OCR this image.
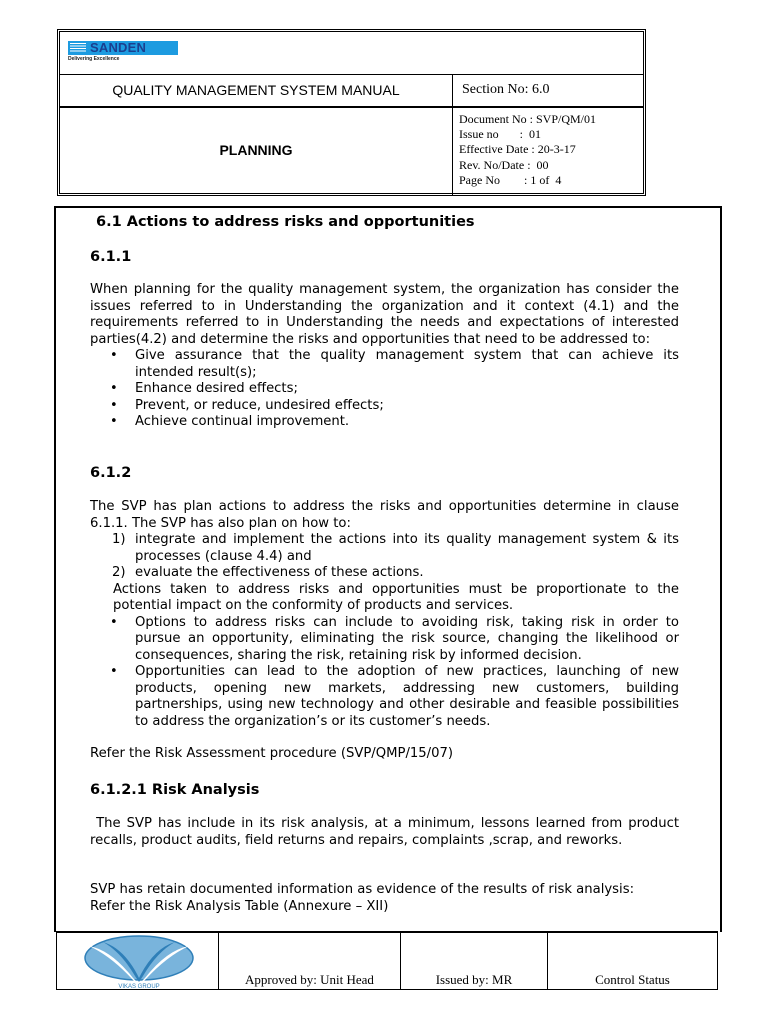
SANDEN
Delivering Excellence
QUALITY MANAGEMENT SYSTEM MANUAL	Section No: 6.0
PLANNING
Document No : SVP/QM/01
Issue no       :  01
Effective Date : 20-3-17
Rev. No/Date :  00
Page No        : 1 of  4
6.1 Actions to address risks and opportunities
6.1.1
When planning for the quality management system, the organization has consider the issues referred to in Understanding the organization and it context (4.1) and the requirements referred to in Understanding the needs and expectations of interested parties(4.2) and determine the risks and opportunities that need to be addressed to:
• Give assurance that the quality management system that can achieve its intended result(s);
• Enhance desired effects;
• Prevent, or reduce, undesired effects;
• Achieve continual improvement.
6.1.2
The SVP has plan actions to address the risks and opportunities determine in clause 6.1.1. The SVP has also plan on how to:
1) integrate and implement the actions into its quality management system & its processes (clause 4.4) and
2) evaluate the effectiveness of these actions.
Actions taken to address risks and opportunities must be proportionate to the potential impact on the conformity of products and services.
• Options to address risks can include to avoiding risk, taking risk in order to pursue an opportunity, eliminating the risk source, changing the likelihood or consequences, sharing the risk, retaining risk by informed decision.
• Opportunities can lead to the adoption of new practices, launching of new products, opening new markets, addressing new customers, building partnerships, using new technology and other desirable and feasible possibilities to address the organization’s or its customer’s needs.
Refer the Risk Assessment procedure (SVP/QMP/15/07)
6.1.2.1 Risk Analysis
The SVP has include in its risk analysis, at a minimum, lessons learned from product recalls, product audits, field returns and repairs, complaints ,scrap, and reworks.
SVP has retain documented information as evidence of the results of risk analysis:
Refer the Risk Analysis Table (Annexure – XII)
VIKAS GROUP	Approved by: Unit Head	Issued by: MR	Control Status
